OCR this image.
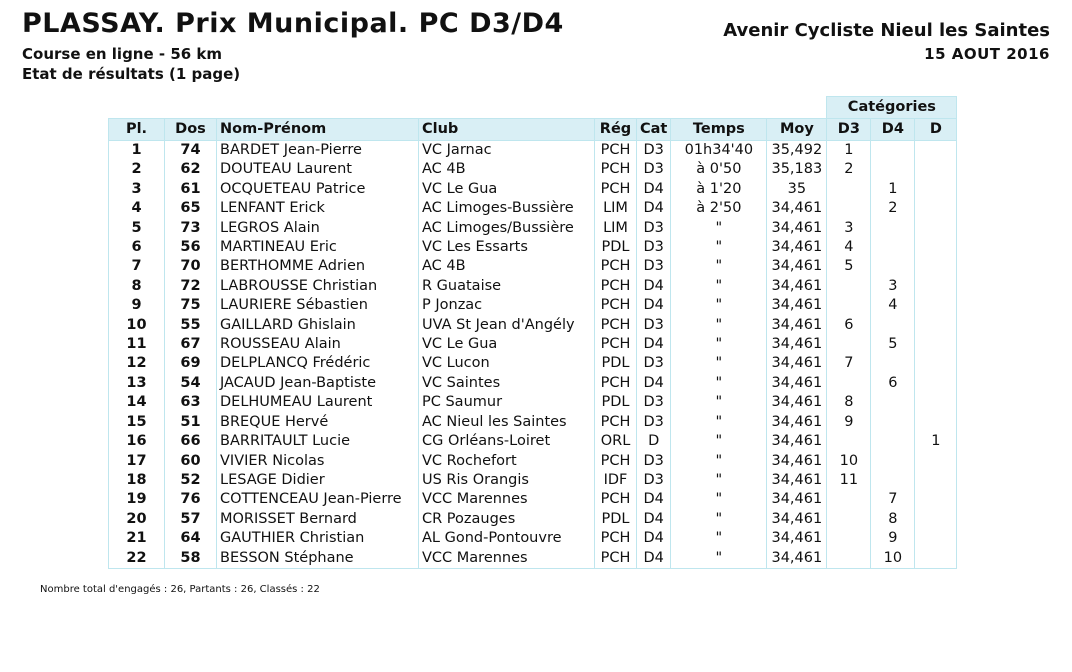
PLASSAY. Prix Municipal. PC D3/D4
Course en ligne - 56 km
Etat de résultats (1 page)
Avenir Cycliste Nieul les Saintes
15 AOUT 2016
								Catégories		
Pl.	Dos	Nom-Prénom	Club	Rég	Cat	Temps	Moy	D3	D4	D
1	74	BARDET Jean-Pierre	VC Jarnac	PCH	D3	01h34'40	35,492	1		
2	62	DOUTEAU Laurent	AC 4B	PCH	D3	à 0'50	35,183	2		
3	61	OCQUETEAU Patrice	VC Le Gua	PCH	D4	à 1'20	35		1	
4	65	LENFANT Erick	AC Limoges-Bussière	LIM	D4	à 2'50	34,461		2	
5	73	LEGROS Alain	AC Limoges/Bussière	LIM	D3	"	34,461	3		
6	56	MARTINEAU Eric	VC Les Essarts	PDL	D3	"	34,461	4		
7	70	BERTHOMME Adrien	AC 4B	PCH	D3	"	34,461	5		
8	72	LABROUSSE Christian	R Guataise	PCH	D4	"	34,461		3	
9	75	LAURIERE Sébastien	P Jonzac	PCH	D4	"	34,461		4	
10	55	GAILLARD Ghislain	UVA St Jean d'Angély	PCH	D3	"	34,461	6		
11	67	ROUSSEAU Alain	VC Le Gua	PCH	D4	"	34,461		5	
12	69	DELPLANCQ Frédéric	VC Lucon	PDL	D3	"	34,461	7		
13	54	JACAUD Jean-Baptiste	VC Saintes	PCH	D4	"	34,461		6	
14	63	DELHUMEAU Laurent	PC Saumur	PDL	D3	"	34,461	8		
15	51	BREQUE Hervé	AC Nieul les Saintes	PCH	D3	"	34,461	9		
16	66	BARRITAULT Lucie	CG Orléans-Loiret	ORL	D	"	34,461			1
17	60	VIVIER Nicolas	VC Rochefort	PCH	D3	"	34,461	10		
18	52	LESAGE Didier	US Ris Orangis	IDF	D3	"	34,461	11		
19	76	COTTENCEAU Jean-Pierre	VCC Marennes	PCH	D4	"	34,461		7	
20	57	MORISSET Bernard	CR Pozauges	PDL	D4	"	34,461		8	
21	64	GAUTHIER Christian	AL Gond-Pontouvre	PCH	D4	"	34,461		9	
22	58	BESSON Stéphane	VCC Marennes	PCH	D4	"	34,461		10	
Nombre total d'engagés : 26, Partants : 26, Classés : 22
